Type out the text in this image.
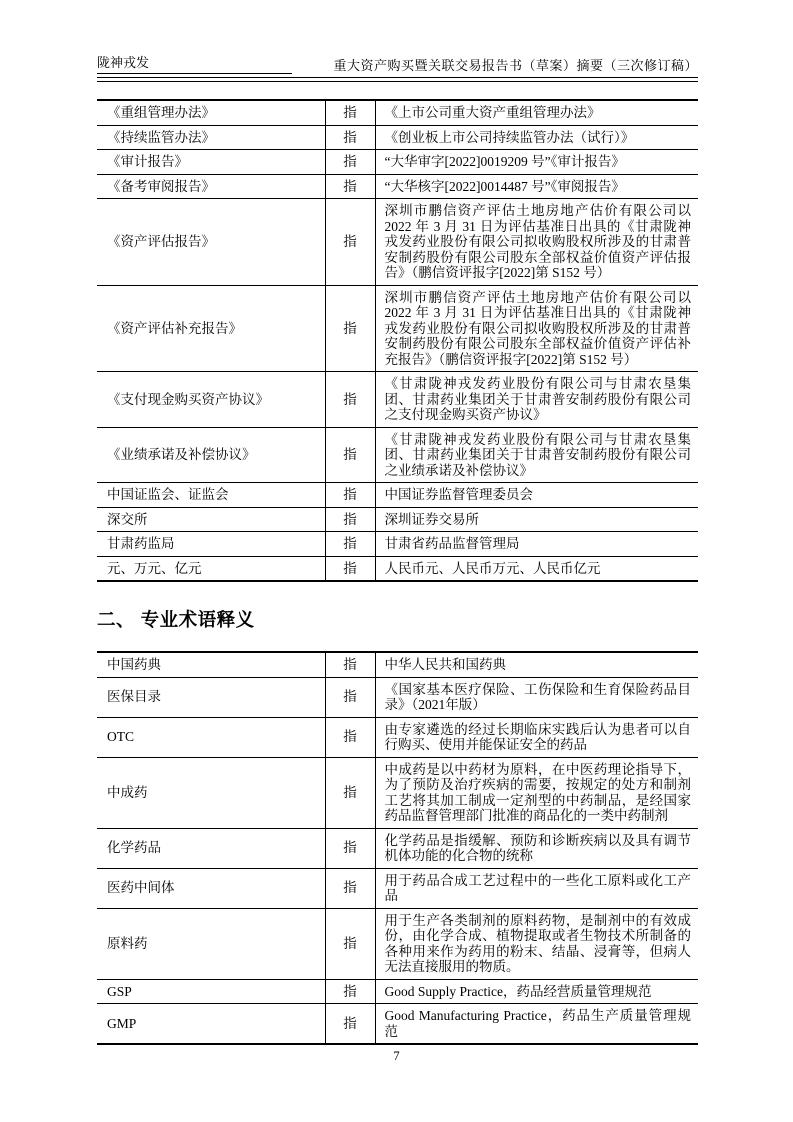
陇神戎发	重大资产购买暨关联交易报告书（草案）摘要（三次修订稿）
《重组管理办法》	指	《上市公司重大资产重组管理办法》
《持续监管办法》	指	《创业板上市公司持续监管办法（试行）》
《审计报告》	指	“大华审字[2022]0019209 号”《审计报告》
《备考审阅报告》	指	“大华核字[2022]0014487 号”《审阅报告》
《资产评估报告》	指	深圳市鹏信资产评估土地房地产估价有限公司以 2022 年 3 月 31 日为评估基准日出具的《甘肃陇神戎发药业股份有限公司拟收购股权所涉及的甘肃普安制药股份有限公司股东全部权益价值资产评估报告》（鹏信资评报字[2022]第 S152 号）
《资产评估补充报告》	指	深圳市鹏信资产评估土地房地产估价有限公司以 2022 年 3 月 31 日为评估基准日出具的《甘肃陇神戎发药业股份有限公司拟收购股权所涉及的甘肃普安制药股份有限公司股东全部权益价值资产评估补充报告》（鹏信资评报字[2022]第 S152 号）
《支付现金购买资产协议》	指	《甘肃陇神戎发药业股份有限公司与甘肃农垦集团、甘肃药业集团关于甘肃普安制药股份有限公司之支付现金购买资产协议》
《业绩承诺及补偿协议》	指	《甘肃陇神戎发药业股份有限公司与甘肃农垦集团、甘肃药业集团关于甘肃普安制药股份有限公司之业绩承诺及补偿协议》
中国证监会、证监会	指	中国证券监督管理委员会
深交所	指	深圳证券交易所
甘肃药监局	指	甘肃省药品监督管理局
元、万元、亿元	指	人民币元、人民币万元、人民币亿元
二、 专业术语释义
中国药典	指	中华人民共和国药典
医保目录	指	《国家基本医疗保险、工伤保险和生育保险药品目录》（2021年版）
OTC	指	由专家遴选的经过长期临床实践后认为患者可以自行购买、使用并能保证安全的药品
中成药	指	中成药是以中药材为原料，在中医药理论指导下，为了预防及治疗疾病的需要，按规定的处方和制剂工艺将其加工制成一定剂型的中药制品，是经国家药品监督管理部门批准的商品化的一类中药制剂
化学药品	指	化学药品是指缓解、预防和诊断疾病以及具有调节机体功能的化合物的统称
医药中间体	指	用于药品合成工艺过程中的一些化工原料或化工产品
原料药	指	用于生产各类制剂的原料药物，是制剂中的有效成份，由化学合成、植物提取或者生物技术所制备的各种用来作为药用的粉末、结晶、浸膏等，但病人无法直接服用的物质。
GSP	指	Good Supply Practice，药品经营质量管理规范
GMP	指	Good Manufacturing Practice，药品生产质量管理规范
7
